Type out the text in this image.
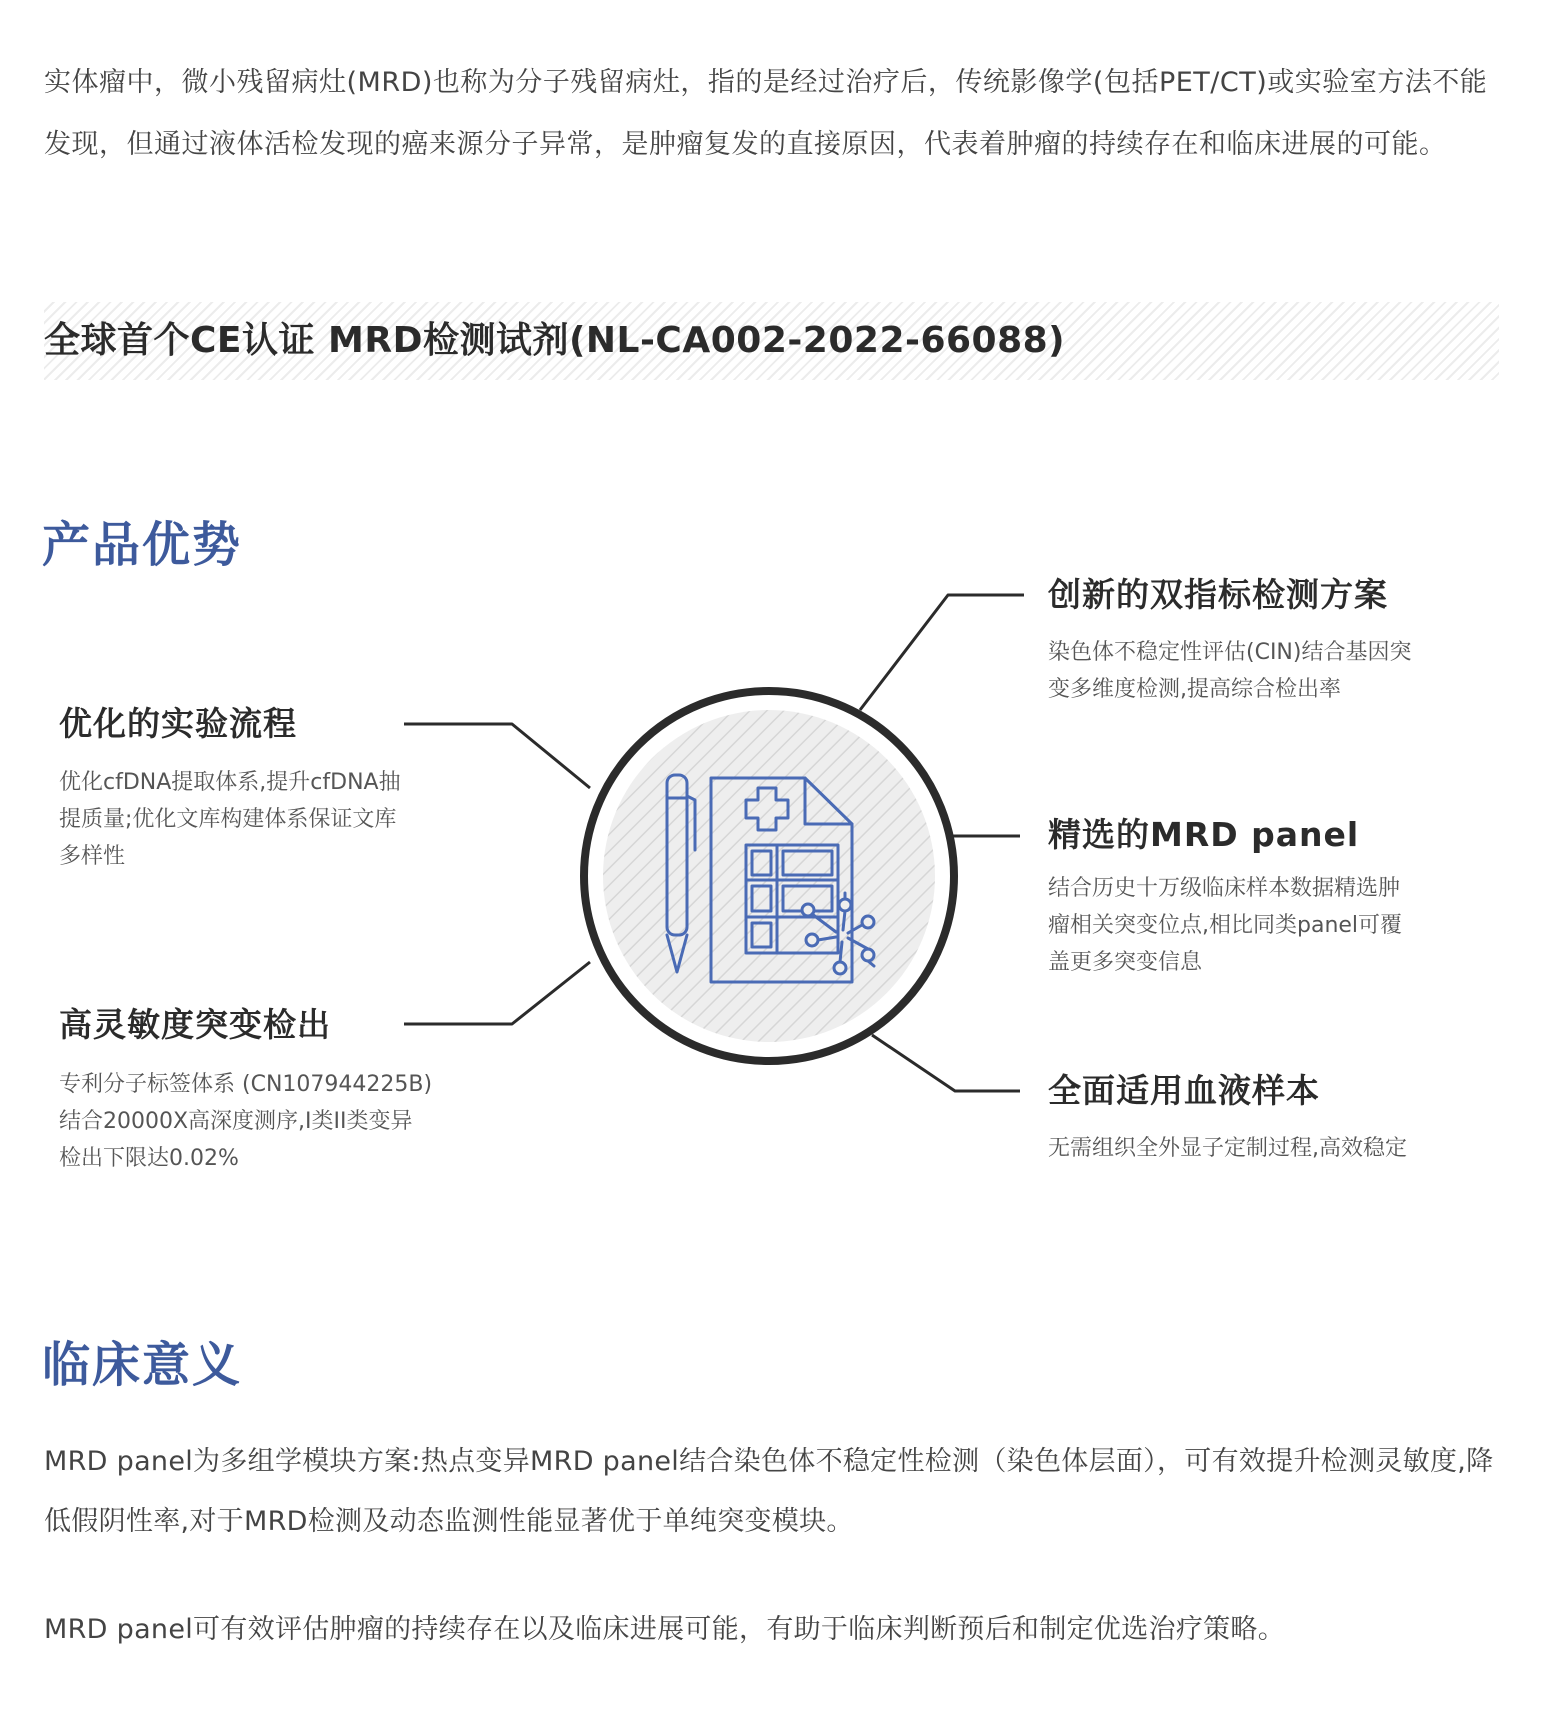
实体瘤中，微小残留病灶(MRD)也称为分子残留病灶，指的是经过治疗后，传统影像学(包括PET/CT)或实验室方法不能发现，但通过液体活检发现的癌来源分子异常，是肿瘤复发的直接原因，代表着肿瘤的持续存在和临床进展的可能。

全球首个CE认证 MRD检测试剂(NL-CA002-2022-66088)
产品优势
创新的双指标检测方案
染色体不稳定性评估(CIN)结合基因突
变多维度检测,提高综合检出率
优化的实验流程
优化cfDNA提取体系,提升cfDNA抽
提质量;优化文库构建体系保证文库
多样性
精选的MRD panel
结合历史十万级临床样本数据精选肿
瘤相关突变位点,相比同类panel可覆
盖更多突变信息
高灵敏度突变检出
专利分子标签体系 (CN107944225B)
结合20000X高深度测序,I类II类变异
检出下限达0.02%
全面适用血液样本
无需组织全外显子定制过程,高效稳定
临床意义

MRD panel为多组学模块方案:热点变异MRD panel结合染色体不稳定性检测（染色体层面），可有效提升检测灵敏度,降低假阴性率,对于MRD检测及动态监测性能显著优于单纯突变模块。

MRD panel可有效评估肿瘤的持续存在以及临床进展可能，有助于临床判断预后和制定优选治疗策略。
